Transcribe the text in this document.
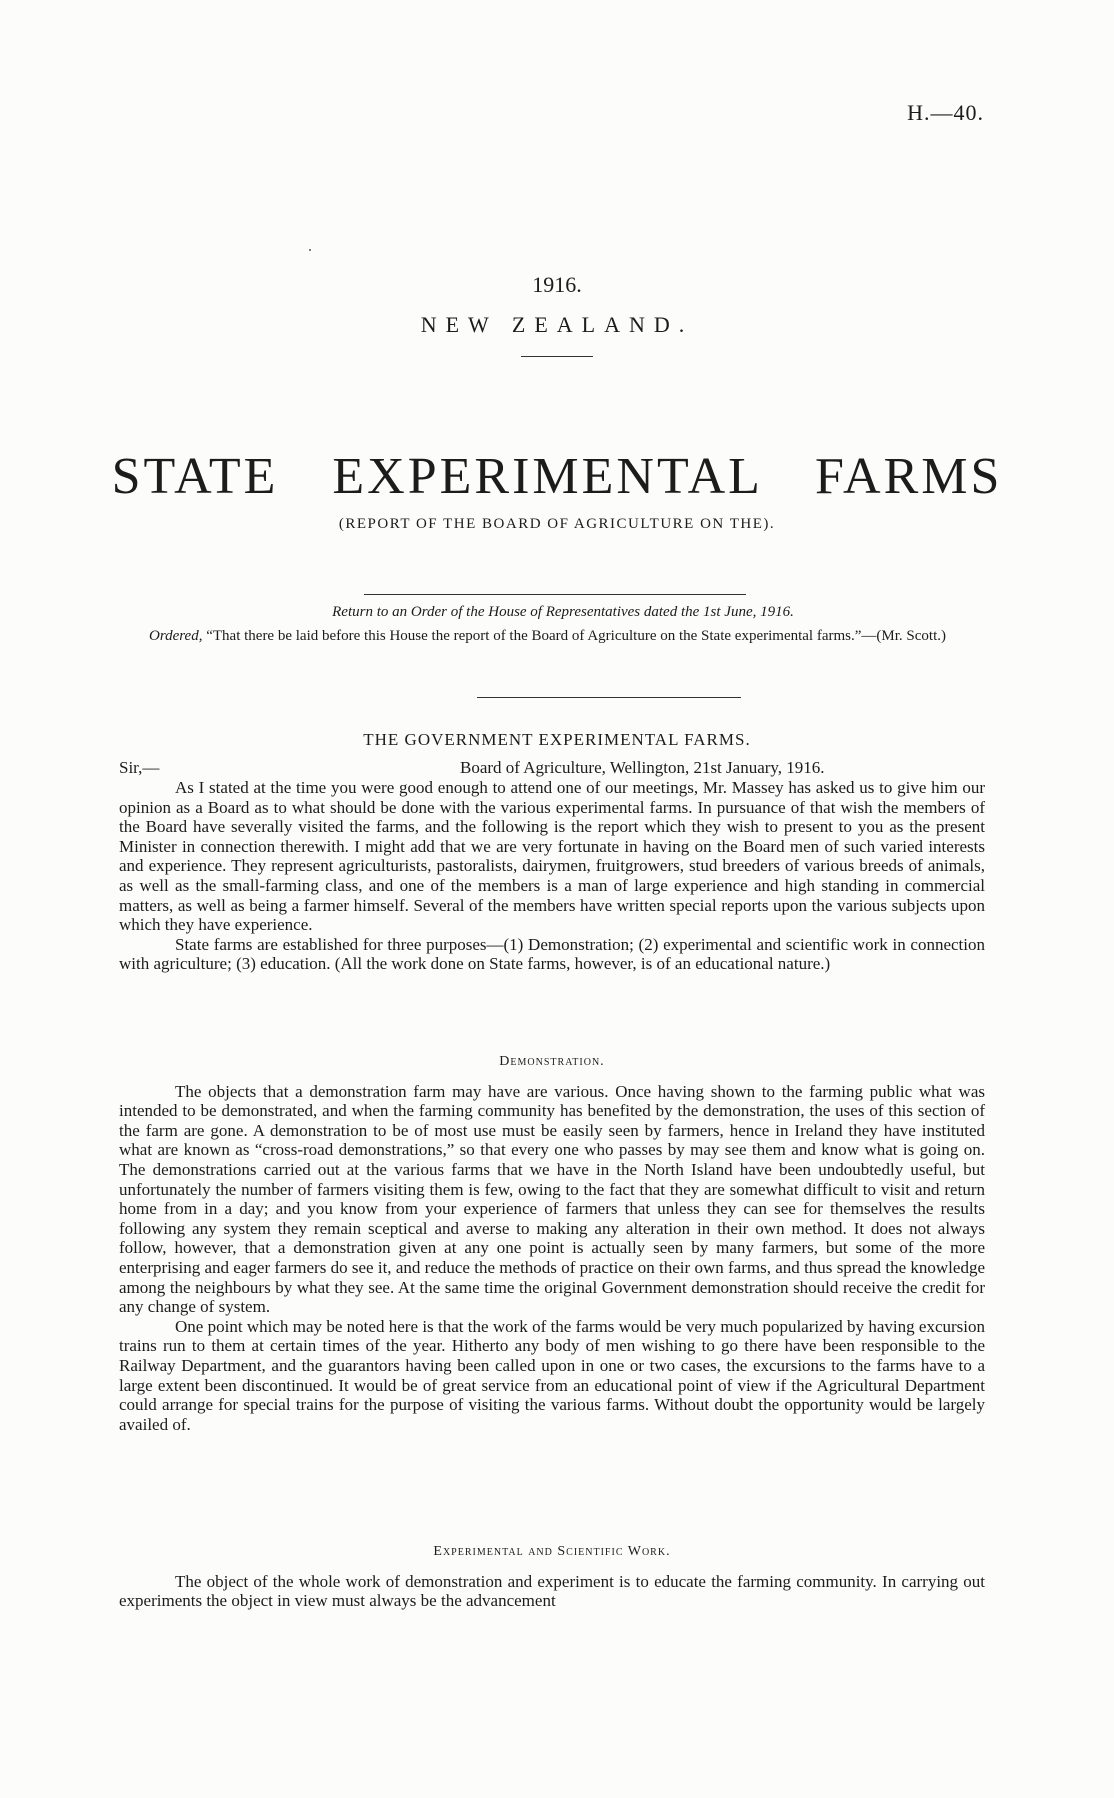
H.—40.
1916.
NEW ZEALAND.
STATE EXPERIMENTAL FARMS
(REPORT OF THE BOARD OF AGRICULTURE ON THE).
Return to an Order of the House of Representatives dated the 1st June, 1916.
Ordered, “That there be laid before this House the report of the Board of Agriculture on the State experimental farms.”—(Mr. Scott.)
THE GOVERNMENT EXPERIMENTAL FARMS.
Sir,—	Board of Agriculture, Wellington, 21st January, 1916.

As I stated at the time you were good enough to attend one of our meetings, Mr. Massey has asked us to give him our opinion as a Board as to what should be done with the various experimental farms. In pursuance of that wish the members of the Board have severally visited the farms, and the following is the report which they wish to present to you as the present Minister in connection therewith. I might add that we are very fortunate in having on the Board men of such varied interests and experience. They represent agriculturists, pastoralists, dairymen, fruitgrowers, stud breeders of various breeds of animals, as well as the small-farming class, and one of the members is a man of large experience and high standing in commercial matters, as well as being a farmer himself. Several of the members have written special reports upon the various subjects upon which they have experience.

State farms are established for three purposes—(1) Demonstration; (2) experimental and scientific work in connection with agriculture; (3) education. (All the work done on State farms, however, is of an educational nature.)

Demonstration.

The objects that a demonstration farm may have are various. Once having shown to the farming public what was intended to be demonstrated, and when the farming community has benefited by the demonstration, the uses of this section of the farm are gone. A demonstration to be of most use must be easily seen by farmers, hence in Ireland they have instituted what are known as “cross-road demonstrations,” so that every one who passes by may see them and know what is going on. The demonstrations carried out at the various farms that we have in the North Island have been undoubtedly useful, but unfortunately the number of farmers visiting them is few, owing to the fact that they are somewhat difficult to visit and return home from in a day; and you know from your experience of farmers that unless they can see for themselves the results following any system they remain sceptical and averse to making any alteration in their own method. It does not always follow, however, that a demonstration given at any one point is actually seen by many farmers, but some of the more enterprising and eager farmers do see it, and reduce the methods of practice on their own farms, and thus spread the knowledge among the neighbours by what they see. At the same time the original Government demonstration should receive the credit for any change of system.

One point which may be noted here is that the work of the farms would be very much popularized by having excursion trains run to them at certain times of the year. Hitherto any body of men wishing to go there have been responsible to the Railway Department, and the guarantors having been called upon in one or two cases, the excursions to the farms have to a large extent been discontinued. It would be of great service from an educational point of view if the Agricultural Department could arrange for special trains for the purpose of visiting the various farms. Without doubt the opportunity would be largely availed of.

Experimental and Scientific Work.

The object of the whole work of demonstration and experiment is to educate the farming community. In carrying out experiments the object in view must always be the advancement
